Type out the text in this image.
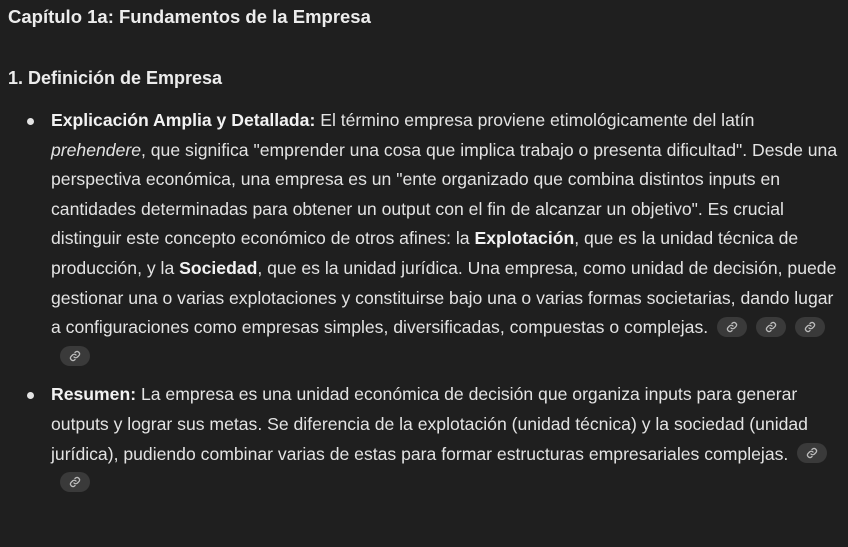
Capítulo 1a: Fundamentos de la Empresa
1. Definición de Empresa
Explicación Amplia y Detallada: El término empresa proviene etimológicamente del latín prehendere, que significa "emprender una cosa que implica trabajo o presenta dificultad". Desde una perspectiva económica, una empresa es un "ente organizado que combina distintos inputs en cantidades determinadas para obtener un output con el fin de alcanzar un objetivo". Es crucial distinguir este concepto económico de otros afines: la Explotación, que es la unidad técnica de producción, y la Sociedad, que es la unidad jurídica. Una empresa, como unidad de decisión, puede gestionar una o varias explotaciones y constituirse bajo una o varias formas societarias, dando lugar a configuraciones como empresas simples, diversificadas, compuestas o complejas.
Resumen: La empresa es una unidad económica de decisión que organiza inputs para generar outputs y lograr sus metas. Se diferencia de la explotación (unidad técnica) y la sociedad (unidad jurídica), pudiendo combinar varias de estas para formar estructuras empresariales complejas.
